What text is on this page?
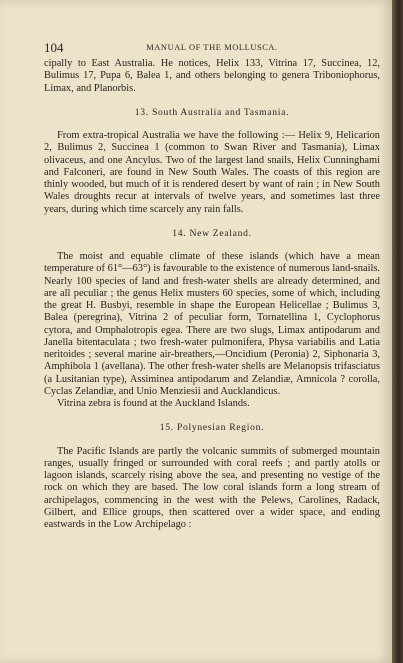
104	MANUAL OF THE MOLLUSCA.

cipally to East Australia. He notices, Helix 133, Vitrina 17, Succinea, 12, Bulimus 17, Pupa 6, Balea 1, and others belonging to genera Triboniophorus, Limax, and Planorbis.

13. South Australia and Tasmania.

From extra-tropical Australia we have the following :— Helix 9, Helicarion 2, Bulimus 2, Succinea 1 (common to Swan River and Tasmania), Limax olivaceus, and one Ancylus. Two of the largest land snails, Helix Cunninghami and Falconeri, are found in New South Wales. The coasts of this region are thinly wooded, but much of it is rendered desert by want of rain ; in New South Wales droughts recur at intervals of twelve years, and sometimes last three years, during which time scarcely any rain falls.

14. New Zealand.

The moist and equable climate of these islands (which have a mean temperature of 61°—63°) is favourable to the existence of numerous land-snails. Nearly 100 species of land and fresh-water shells are already determined, and are all peculiar ; the genus Helix musters 60 species, some of which, including the great H. Busbyi, resemble in shape the European Helicellae ; Bulimus 3, Balea (peregrina), Vitrina 2 of peculiar form, Tornatellina 1, Cyclophorus cytora, and Omphalotropis egea. There are two slugs, Limax antipodarum and Janella bitentaculata ; two fresh-water pulmonifera, Physa variabilis and Latia neritoides ; several marine air-breathers,—Oncidium (Peronia) 2, Siphonaria 3, Amphibola 1 (avellana). The other fresh-water shells are Melanopsis trifasciatus (a Lusitanian type), Assiminea antipodarum and Zelandiæ, Amnicola ? corolla, Cyclas Zelandiæ, and Unio Menziesii and Aucklandicus.

Vitrina zebra is found at the Auckland Islands.

15. Polynesian Region.

The Pacific Islands are partly the volcanic summits of submerged mountain ranges, usually fringed or surrounded with coral reefs ; and partly atolls or lagoon islands, scarcely rising above the sea, and presenting no vestige of the rock on which they are based. The low coral islands form a long stream of archipelagos, commencing in the west with the Pelews, Carolines, Radack, Gilbert, and Ellice groups, then scattered over a wider space, and ending eastwards in the Low Archipelago :
